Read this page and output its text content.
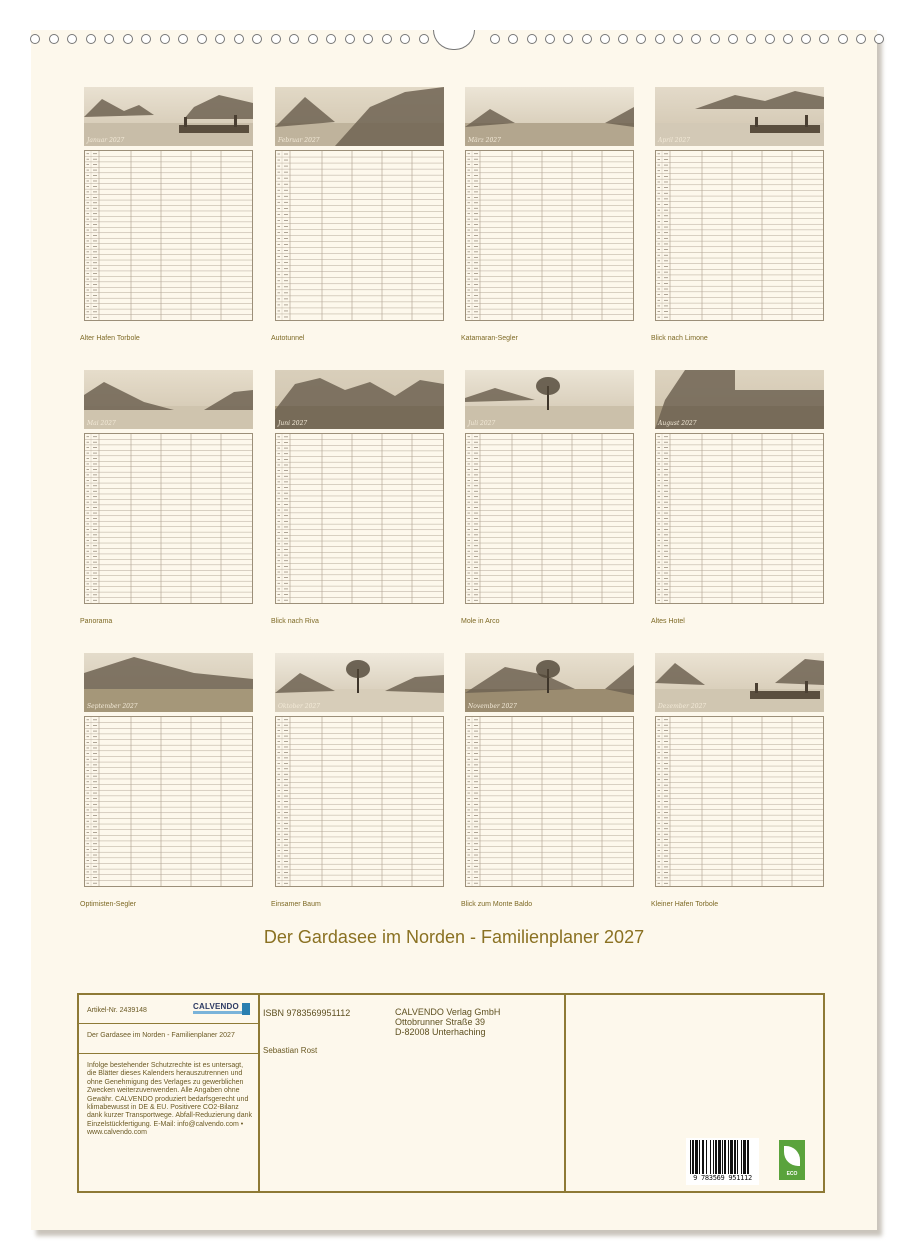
Januar 2027
Alter Hafen Torbole
Februar 2027
Autotunnel
März 2027
Katamaran-Segler
April 2027
Blick nach Limone
Mai 2027
Panorama
Juni 2027
Blick nach Riva
Juli 2027
Mole in Arco
August 2027
Altes Hotel
September 2027
Optimisten-Segler
Oktober 2027
Einsamer Baum
November 2027
Blick zum Monte Baldo
Dezember 2027
Kleiner Hafen Torbole
Der Gardasee im Norden - Familienplaner 2027
Artikel-Nr. 2439148	CALVENDO
Der Gardasee im Norden - Familienplaner 2027
Infolge bestehender Schutzrechte ist es untersagt, die Blätter dieses Kalenders herauszutrennen und ohne Genehmigung des Verlages zu gewerblichen Zwecken weiterzuverwenden. Alle Angaben ohne Gewähr. CALVENDO produziert bedarfsgerecht und klimabewusst in DE & EU. Positivere CO2-Bilanz dank kurzer Transportwege. Abfall-Reduzierung dank Einzelstückfertigung. E-Mail: info@calvendo.com • www.calvendo.com
ISBN 9783569951112
Sebastian Rost
CALVENDO Verlag GmbH
Ottobrunner Straße 39
D-82008 Unterhaching
9 783569 951112	ECO
